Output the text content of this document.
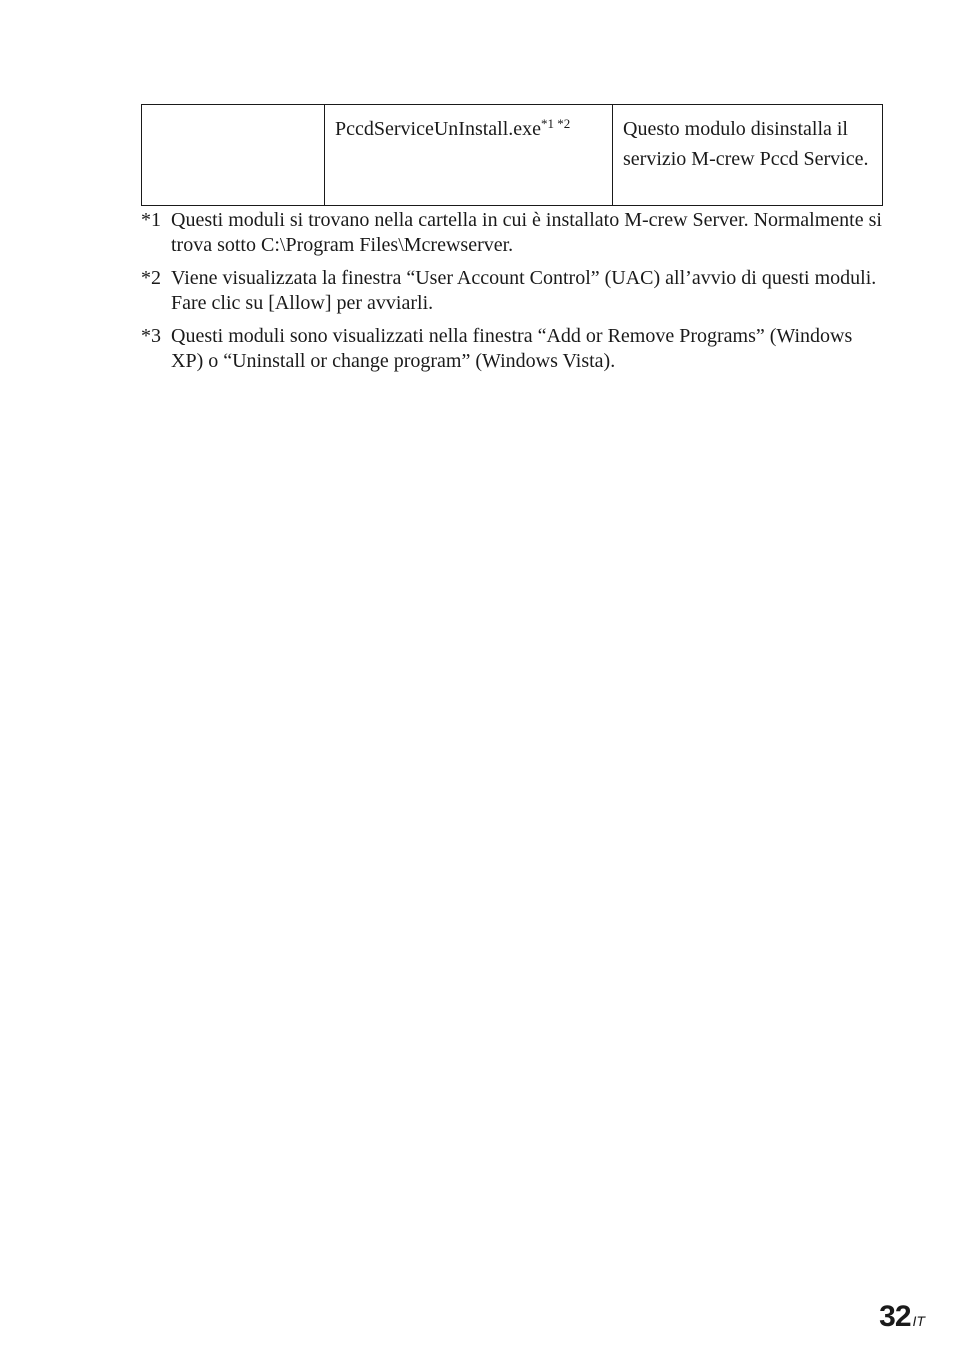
	PccdServiceUnInstall.exe$^{*1 *2}$	Questo modulo disinstalla il servizio M-crew Pccd Service.
*1 Questi moduli si trovano nella cartella in cui è installato M-crew Server. Normalmente si trova sotto C:\Program Files\Mcrewserver.
*2 Viene visualizzata la finestra “User Account Control” (UAC) all’avvio di questi moduli. Fare clic su [Allow] per avviarli.
*3 Questi moduli sono visualizzati nella finestra “Add or Remove Programs” (Windows XP) o “Uninstall or change program” (Windows Vista).
32 IT
